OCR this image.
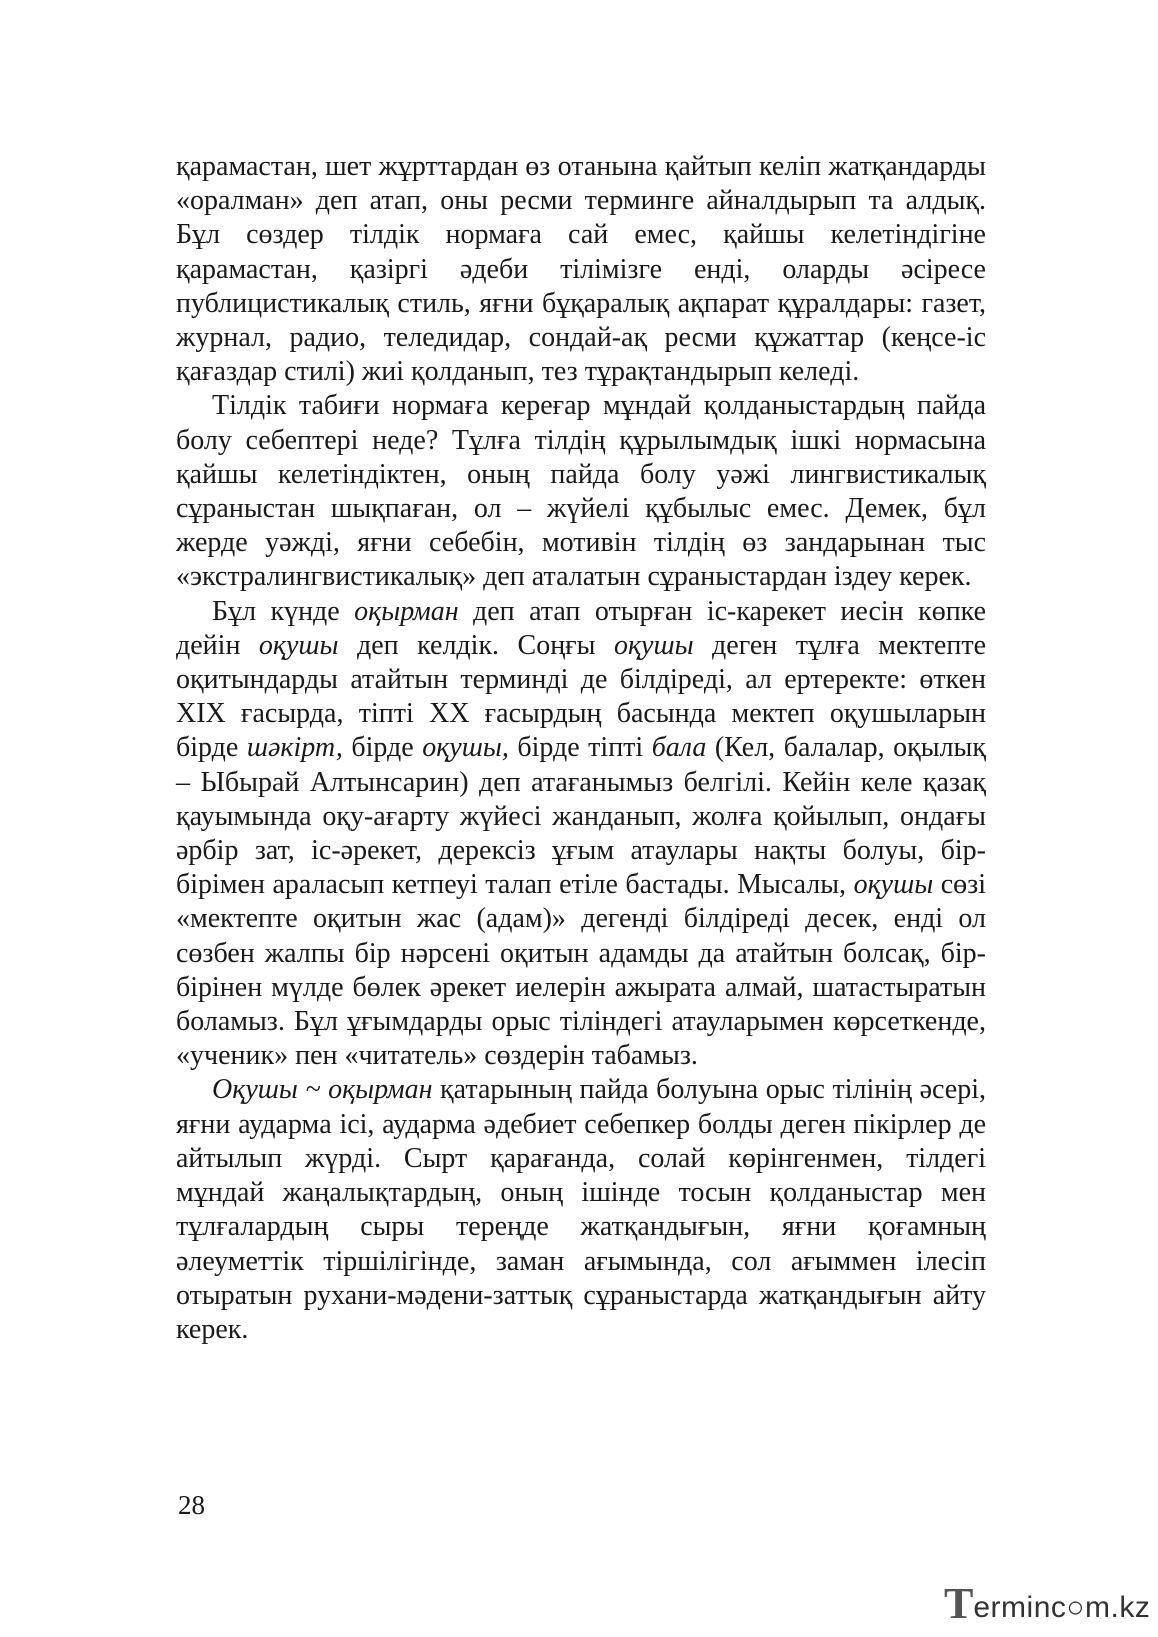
қарамастан, шет жұрттардан өз отанына қайтып келіп жатқандарды «оралман» деп атап, оны ресми терминге айналдырып та алдық. Бұл сөздер тілдік нормаға сай емес, қайшы келетіндігіне қарамастан, қазіргі әдеби тілімізге енді, оларды әсіресе публицистикалық стиль, яғни бұқаралық ақпарат құралдары: газет, журнал, радио, теледидар, сондай-ақ ресми құжаттар (кеңсе-іс қағаздар стилі) жиі қолданып, тез тұрақтандырып келеді.

Тілдік табиғи нормаға кереғар мұндай қолданыстардың пайда болу себептері неде? Тұлға тілдің құрылымдық ішкі нормасына қайшы келетіндіктен, оның пайда болу уәжі лингвистикалық сұраныстан шықпаған, ол – жүйелі құбылыс емес. Демек, бұл жерде уәжді, яғни себебін, мотивін тілдің өз зандарынан тыс «экстралингвистикалық» деп аталатын сұраныстардан іздеу керек.

Бұл күнде оқырман деп атап отырған іс-карекет иесін көпке дейін оқушы деп келдік. Соңғы оқушы деген тұлға мектепте оқитындарды атайтын терминді де білдіреді, ал ертеректе: өткен XIX ғасырда, тіпті XX ғасырдың басында мектеп оқушыларын бірде шәкірт, бірде оқушы, бірде тіпті бала (Кел, балалар, оқылық – Ыбырай Алтынсарин) деп атағанымыз белгілі. Кейін келе қазақ қауымында оқу-ағарту жүйесі жанданып, жолға қойылып, ондағы әрбір зат, іс-әрекет, дерексіз ұғым атаулары нақты болуы, бір- бірімен араласып кетпеуі талап етіле бастады. Мысалы, оқушы сөзі «мектепте оқитын жас (адам)» дегенді білдіреді десек, енді ол сөзбен жалпы бір нәрсені оқитын адамды да атайтын болсақ, бір-бірінен мүлде бөлек әрекет иелерін ажырата алмай, шатастыратын боламыз. Бұл ұғымдарды орыс тіліндегі атауларымен көрсеткенде, «ученик» пен «читатель» сөздерін табамыз.

Оқушы ~ оқырман қатарының пайда болуына орыс тілінің әсері, яғни аудармa ісі, аудармa әдебиет себепкер болды деген пікірлер де айтылып жүрді. Сырт қарағанда, солай көрінгенмен, тілдегі мұндай жаңалықтардың, оның ішінде тосын қолданыстар мен тұлғалардың сыры тереңде жатқандығын, яғни қоғамның әлеуметтік тіршілігінде, заман ағымында, сол ағыммен ілесіп отыратын рухани-мәдени-заттық сұраныстарда жатқандығын айту керек.

28
T erminc ○ m.kz
